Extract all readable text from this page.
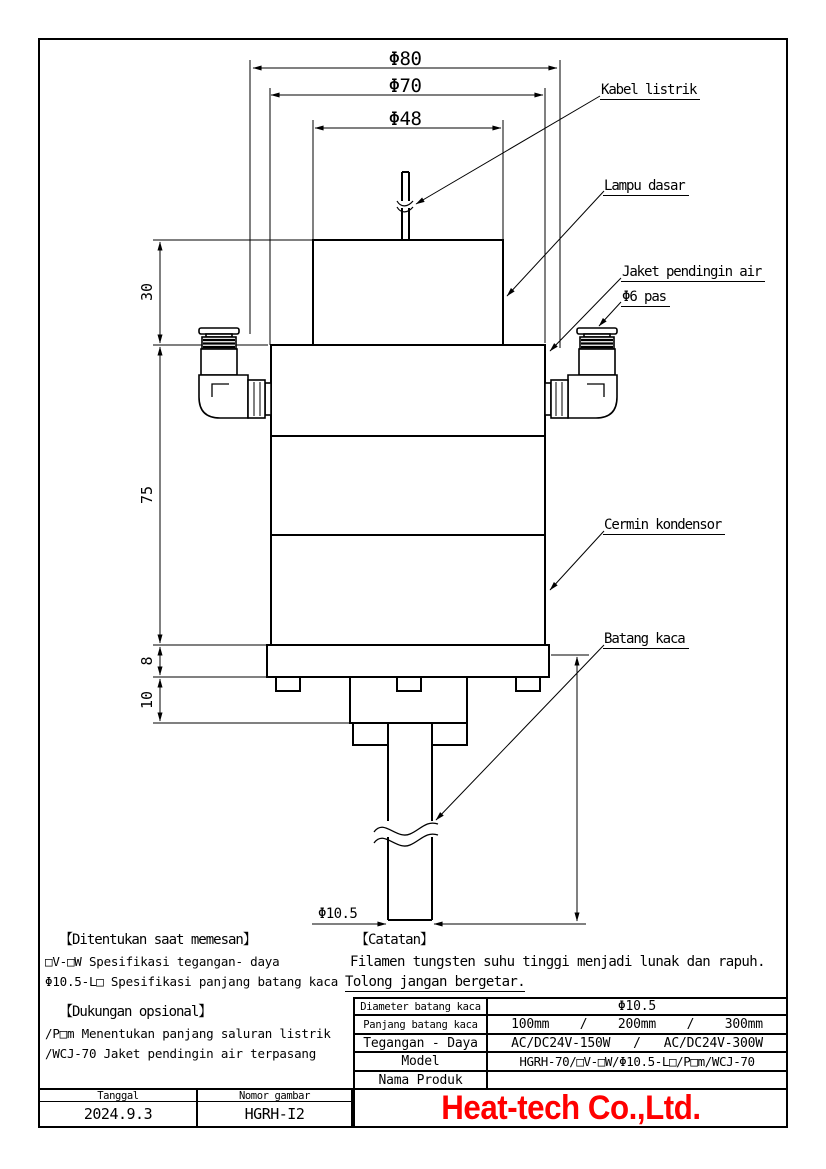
Φ80
Φ70
Φ48
30
75
8
10
Φ10.5
Kabel listrik
Lampu dasar
Jaket pendingin air
Φ6 pas
Cermin kondensor
Batang kaca
【Ditentukan saat memesan】
□V-□W Spesifikasi tegangan- daya
Φ10.5-L□ Spesifikasi panjang batang kaca
【Dukungan opsional】
/P□m Menentukan panjang saluran listrik
/WCJ-70 Jaket pendingin air terpasang
【Catatan】
Filamen tungsten suhu tinggi menjadi lunak dan rapuh.
Tolong jangan bergetar.
Diameter batang kaca	Φ10.5
Panjang batang kaca	100mm    /    200mm    /    300mm
Tegangan - Daya	AC/DC24V-150W   /   AC/DC24V-300W
Model	HGRH-70/□V-□W/Φ10.5-L□/P□m/WCJ-70
Nama Produk
Heat-tech Co.,Ltd.
Tanggal	Nomor gambar
2024.9.3	HGRH-I2
